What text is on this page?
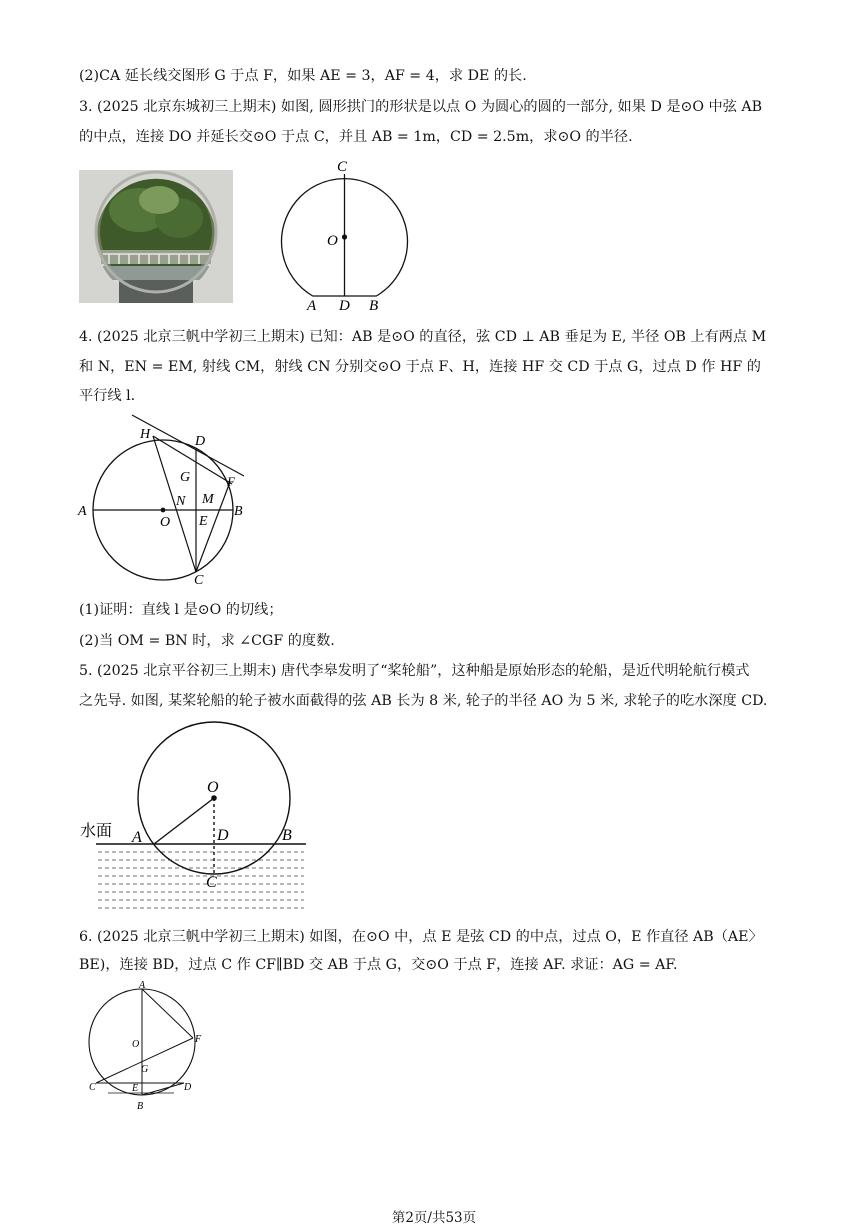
(2)CA 延长线交图形 G 于点 F，如果 AE = 3，AF = 4，求 DE 的长.
3. (2025 北京东城初三上期末) 如图, 圆形拱门的形状是以点 O 为圆心的圆的一部分, 如果 D 是⊙O 中弦 AB
的中点，连接 DO 并延长交⊙O 于点 C，并且 AB = 1m，CD = 2.5m，求⊙O 的半径.
C
O
A D B
4. (2025 北京三帆中学初三上期末) 已知：AB 是⊙O 的直径，弦 CD ⊥ AB 垂足为 E, 半径 OB 上有两点 M
和 N，EN = EM, 射线 CM，射线 CN 分别交⊙O 于点 F、H，连接 HF 交 CD 于点 G，过点 D 作 HF 的
平行线 l.
H	D
G	F
N M
A	B
O E
C
(1)证明：直线 l 是⊙O 的切线；
(2)当 OM = BN 时，求 ∠CGF 的度数.
5. (2025 北京平谷初三上期末) 唐代李皋发明了“桨轮船”，这种船是原始形态的轮船，是近代明轮航行模式
之先导. 如图, 某桨轮船的轮子被水面截得的弦 AB 长为 8 米, 轮子的半径 AO 为 5 米, 求轮子的吃水深度 CD.
水面
O
A	D	B
C
6. (2025 北京三帆中学初三上期末) 如图，在⊙O 中，点 E 是弦 CD 的中点，过点 O，E 作直径 AB（AE〉
BE)，连接 BD，过点 C 作 CF∥BD 交 AB 于点 G，交⊙O 于点 F，连接 AF. 求证：AG = AF.
A
O	F
G
C	E	D
B
第2页/共53页
